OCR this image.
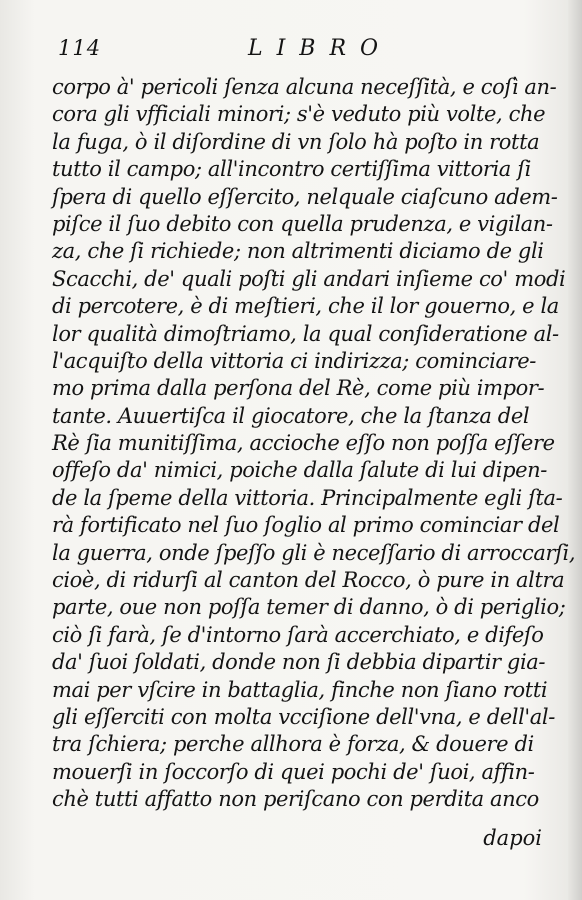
114	LIBRO
corpo à' pericoli ſenza alcuna neceſſità, e coſì an-
cora gli vfficiali minori; s'è veduto più volte, che
la fuga, ò il diſordine di vn ſolo hà poſto in rotta
tutto il campo; all'incontro certiſſima vittoria ſi
ſpera di quello eſſercito, nelquale ciaſcuno adem-
piſce il ſuo debito con quella prudenza, e vigilan-
za, che ſi richiede; non altrimenti diciamo de gli
Scacchi, de' quali poſti gli andari inſieme co' modi
di percotere, è di meſtieri, che il lor gouerno, e la
lor qualità dimoſtriamo, la qual conſideratione al-
l'acquiſto della vittoria ci indirizza; cominciare-
mo prima dalla perſona del Rè, come più impor-
tante. Auuertiſca il giocatore, che la ſtanza del
Rè ſia munitiſſima, accioche eſſo non poſſa eſſere
offeſo da' nimici, poiche dalla ſalute di lui dipen-
de la ſpeme della vittoria. Principalmente egli ſta-
rà fortificato nel ſuo ſoglio al primo cominciar del
la guerra, onde ſpeſſo gli è neceſſario di arroccarſi,
cioè, di ridurſi al canton del Rocco, ò pure in altra
parte, oue non poſſa temer di danno, ò di periglio;
ciò ſi farà, ſe d'intorno ſarà accerchiato, e difeſo
da' ſuoi ſoldati, donde non ſi debbia dipartir gia-
mai per vſcire in battaglia, finche non ſiano rotti
gli eſſerciti con molta vcciſione dell'vna, e dell'al-
tra ſchiera; perche allhora è forza, & douere di
mouerſi in ſoccorſo di quei pochi de' ſuoi, affin-
chè tutti affatto non periſcano con perdita anco
dapoi
